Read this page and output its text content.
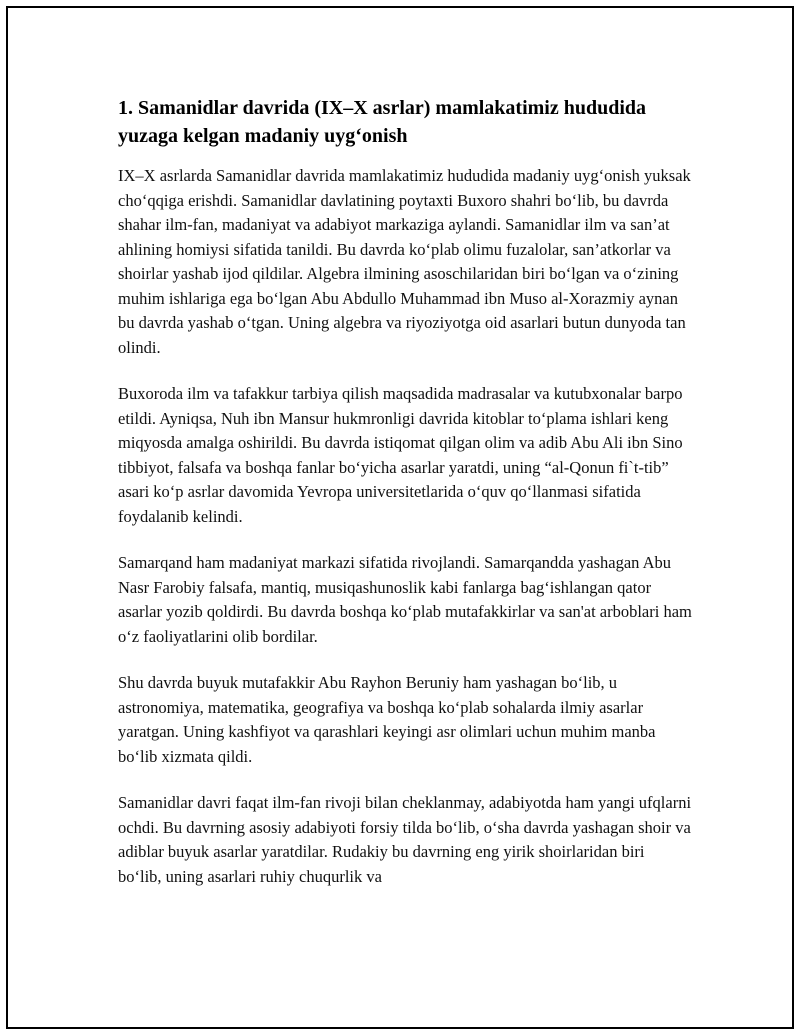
1. Samanidlar davrida (IX–X asrlar) mamlakatimiz hududida yuzaga kelgan madaniy uyg‘onish

IX–X asrlarda Samanidlar davrida mamlakatimiz hududida madaniy uyg‘onish yuksak cho‘qqiga erishdi. Samanidlar davlatining poytaxti Buxoro shahri bo‘lib, bu davrda shahar ilm-fan, madaniyat va adabiyot markaziga aylandi. Samanidlar ilm va san’at ahlining homiysi sifatida tanildi. Bu davrda ko‘plab olimu fuzalolar, san’atkorlar va shoirlar yashab ijod qildilar. Algebra ilmining asoschilaridan biri bo‘lgan va o‘zining muhim ishlariga ega bo‘lgan Abu Abdullo Muhammad ibn Muso al-Xorazmiy aynan bu davrda yashab o‘tgan. Uning algebra va riyoziyotga oid asarlari butun dunyoda tan olindi.

Buxoroda ilm va tafakkur tarbiya qilish maqsadida madrasalar va kutubxonalar barpo etildi. Ayniqsa, Nuh ibn Mansur hukmronligi davrida kitoblar to‘plama ishlari keng miqyosda amalga oshirildi. Bu davrda istiqomat qilgan olim va adib Abu Ali ibn Sino tibbiyot, falsafa va boshqa fanlar bo‘yicha asarlar yaratdi, uning “al-Qonun fi`t-tib” asari ko‘p asrlar davomida Yevropa universitetlarida o‘quv qo‘llanmasi sifatida foydalanib kelindi.

Samarqand ham madaniyat markazi sifatida rivojlandi. Samarqandda yashagan Abu Nasr Farobiy falsafa, mantiq, musiqashunoslik kabi fanlarga bag‘ishlangan qator asarlar yozib qoldirdi. Bu davrda boshqa ko‘plab mutafakkirlar va san'at arboblari ham o‘z faoliyatlarini olib bordilar.

Shu davrda buyuk mutafakkir Abu Rayhon Beruniy ham yashagan bo‘lib, u astronomiya, matematika, geografiya va boshqa ko‘plab sohalarda ilmiy asarlar yaratgan. Uning kashfiyot va qarashlari keyingi asr olimlari uchun muhim manba bo‘lib xizmata qildi.

Samanidlar davri faqat ilm-fan rivoji bilan cheklanmay, adabiyotda ham yangi ufqlarni ochdi. Bu davrning asosiy adabiyoti forsiy tilda bo‘lib, o‘sha davrda yashagan shoir va adiblar buyuk asarlar yaratdilar. Rudakiy bu davrning eng yirik shoirlaridan biri bo‘lib, uning asarlari ruhiy chuqurlik va
